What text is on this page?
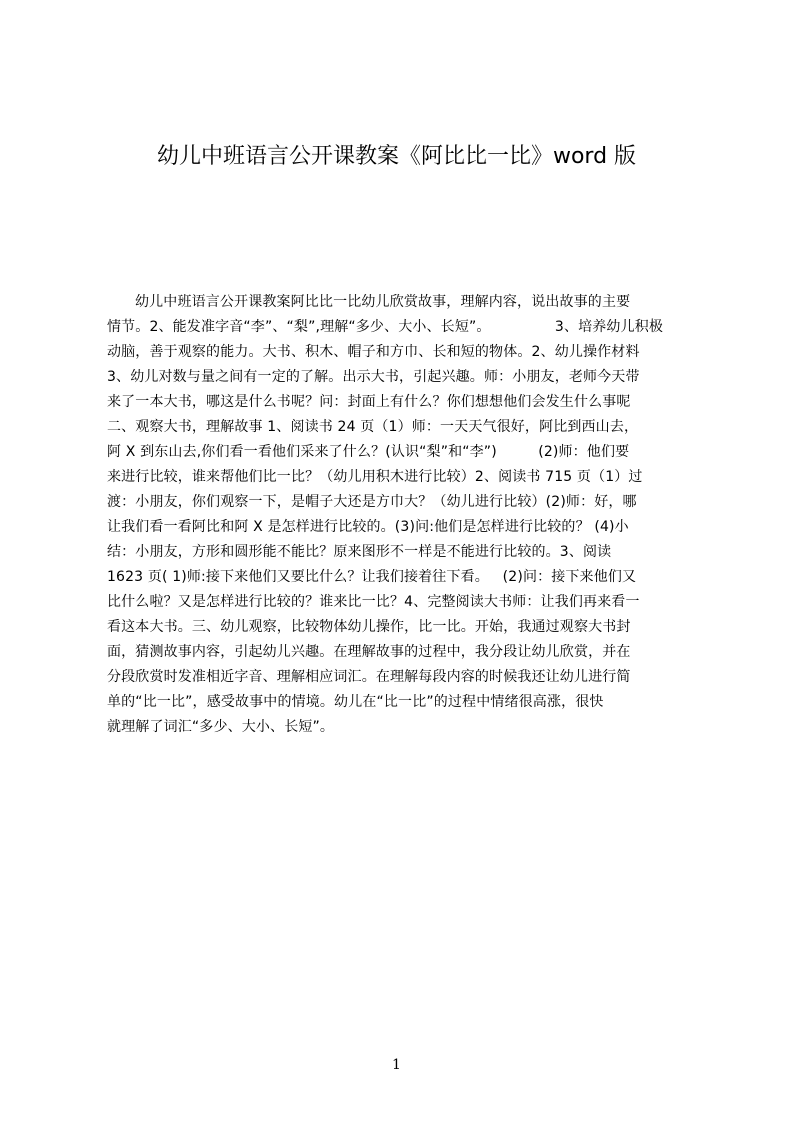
幼儿中班语言公开课教案《阿比比一比》word 版
幼儿中班语言公开课教案阿比比一比幼儿欣赏故事，理解内容，说出故事的主要
情节。2、能发准字音“李”、“梨”,理解“多少、大小、长短”。              3、培养幼儿积极
动脑，善于观察的能力。大书、积木、帽子和方巾、长和短的物体。2、幼儿操作材料
3、幼儿对数与量之间有一定的了解。出示大书，引起兴趣。师：小朋友，老师今天带
来了一本大书，哪这是什么书呢？问：封面上有什么？你们想想他们会发生什么事呢
二、观察大书，理解故事 1、阅读书 24 页（1）师：一天天气很好，阿比到西山去，
阿 X 到东山去,你们看一看他们采来了什么？(认识“梨”和“李”)         (2)师：他们要
来进行比较，谁来帮他们比一比？（幼儿用积木进行比较）2、阅读书 715 页（1）过
渡：小朋友，你们观察一下，是帽子大还是方巾大？（幼儿进行比较）(2)师：好，哪
让我们看一看阿比和阿 X 是怎样进行比较的。(3)问:他们是怎样进行比较的？ (4)小
结：小朋友，方形和圆形能不能比？原来图形不一样是不能进行比较的。3、阅读
1623 页( 1)师:接下来他们又要比什么？让我们接着往下看。   (2)问：接下来他们又
比什么啦？又是怎样进行比较的？谁来比一比？4、完整阅读大书师：让我们再来看一
看这本大书。三、幼儿观察，比较物体幼儿操作，比一比。开始，我通过观察大书封
面，猜测故事内容，引起幼儿兴趣。在理解故事的过程中，我分段让幼儿欣赏，并在
分段欣赏时发准相近字音、理解相应词汇。在理解每段内容的时候我还让幼儿进行简
单的“比一比”，感受故事中的情境。幼儿在“比一比”的过程中情绪很高涨，很快
就理解了词汇“多少、大小、长短”。
1
